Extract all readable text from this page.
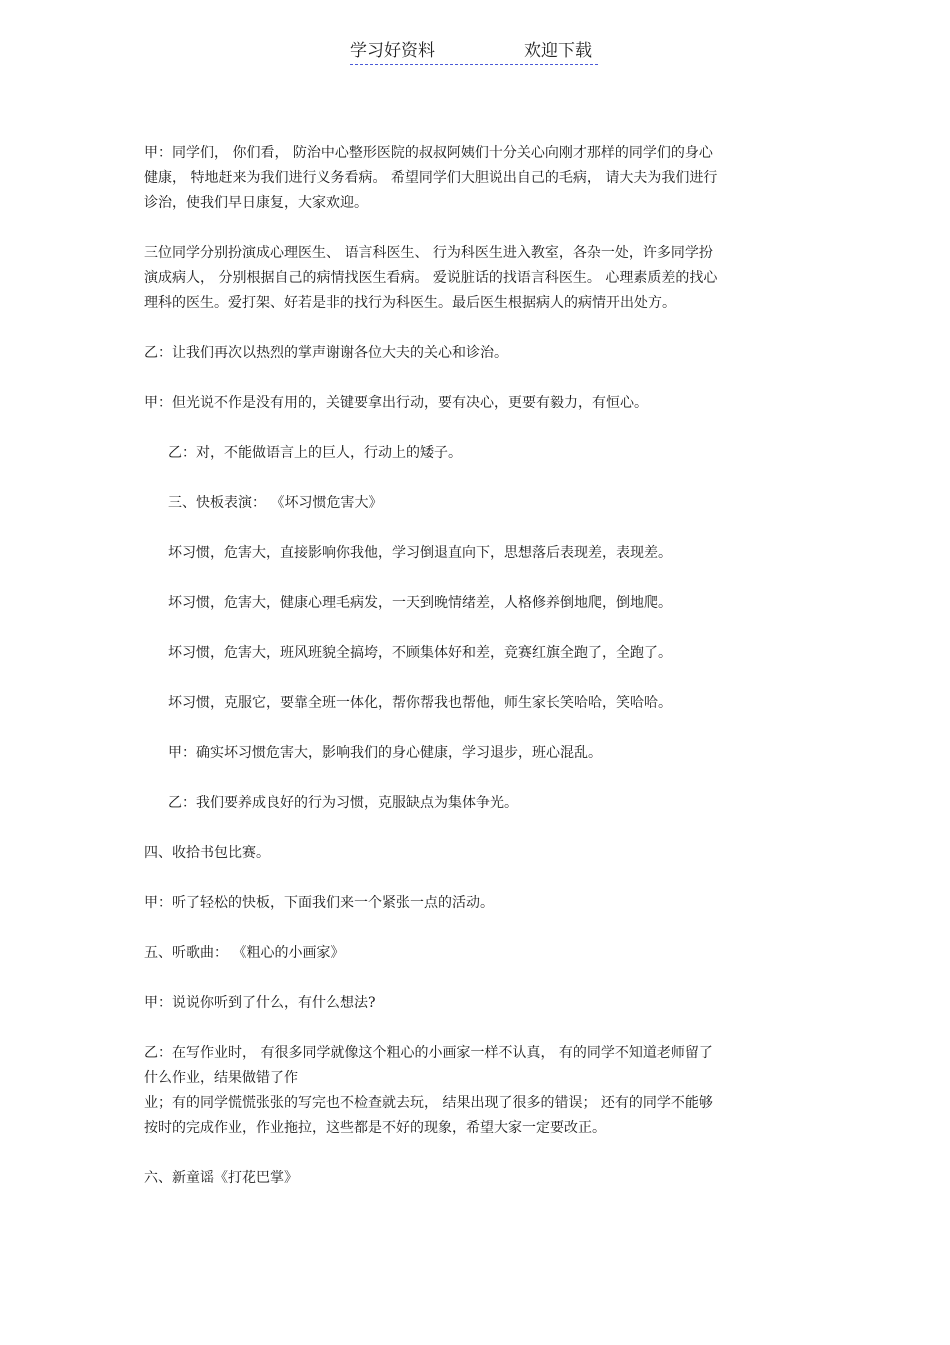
学习好资料	欢迎下载

甲：同学们， 你们看， 防治中心整形医院的叔叔阿姨们十分关心向刚才那样的同学们的身心
健康， 特地赶来为我们进行义务看病。 希望同学们大胆说出自己的毛病， 请大夫为我们进行
诊治，使我们早日康复，大家欢迎。

三位同学分别扮演成心理医生、 语言科医生、 行为科医生进入教室，各杂一处，许多同学扮
演成病人， 分别根据自己的病情找医生看病。 爱说脏话的找语言科医生。 心理素质差的找心
理科的医生。爱打架、好若是非的找行为科医生。最后医生根据病人的病情开出处方。

乙：让我们再次以热烈的掌声谢谢各位大夫的关心和诊治。

甲：但光说不作是没有用的，关键要拿出行动，要有决心，更要有毅力，有恒心。

乙：对，不能做语言上的巨人，行动上的矮子。

三、快板表演： 《坏习惯危害大》

坏习惯，危害大，直接影响你我他，学习倒退直向下，思想落后表现差，表现差。

坏习惯，危害大，健康心理毛病发，一天到晚情绪差，人格修养倒地爬，倒地爬。

坏习惯，危害大，班风班貌全搞垮，不顾集体好和差，竞赛红旗全跑了，全跑了。

坏习惯，克服它，要靠全班一体化，帮你帮我也帮他，师生家长笑哈哈，笑哈哈。

甲：确实坏习惯危害大，影响我们的身心健康，学习退步，班心混乱。

乙：我们要养成良好的行为习惯，克服缺点为集体争光。

四、收拾书包比赛。

甲：听了轻松的快板，下面我们来一个紧张一点的活动。

五、听歌曲： 《粗心的小画家》

甲：说说你听到了什么，有什么想法?

乙：在写作业时， 有很多同学就像这个粗心的小画家一样不认真， 有的同学不知道老师留了
什么作业，结果做错了作
业；有的同学慌慌张张的写完也不检查就去玩， 结果出现了很多的错误； 还有的同学不能够
按时的完成作业，作业拖拉，这些都是不好的现象，希望大家一定要改正。

六、新童谣《打花巴掌》
